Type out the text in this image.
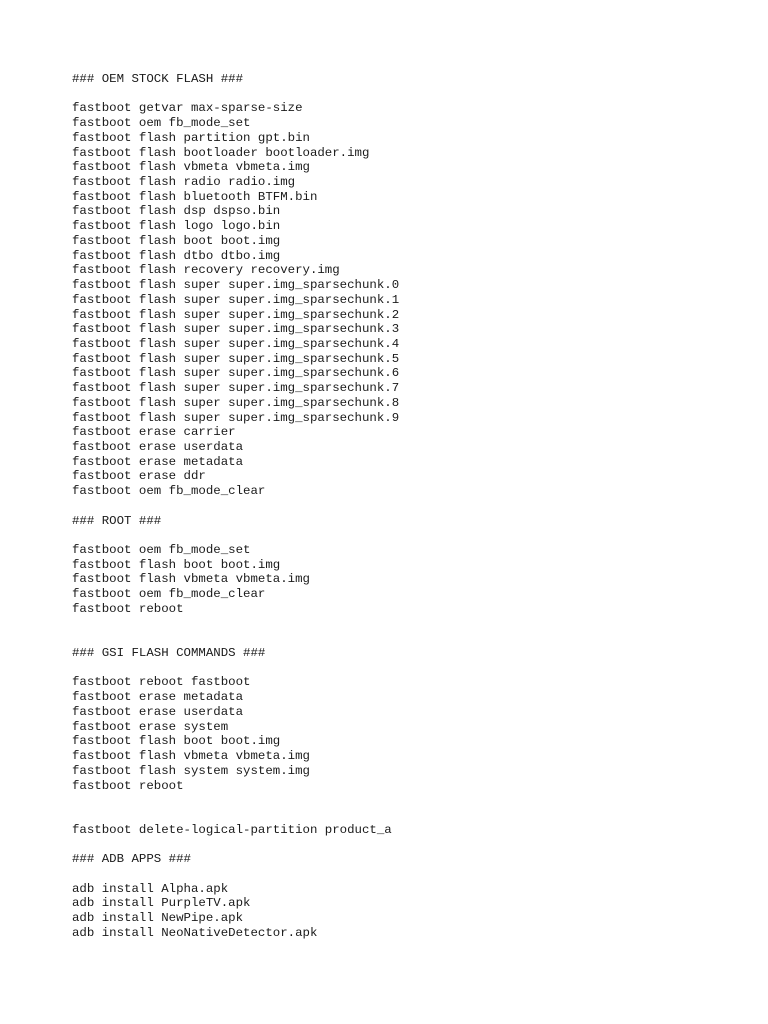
### OEM STOCK FLASH ###
fastboot getvar max-sparse-size
fastboot oem fb_mode_set
fastboot flash partition gpt.bin
fastboot flash bootloader bootloader.img
fastboot flash vbmeta vbmeta.img
fastboot flash radio radio.img
fastboot flash bluetooth BTFM.bin
fastboot flash dsp dspso.bin
fastboot flash logo logo.bin
fastboot flash boot boot.img
fastboot flash dtbo dtbo.img
fastboot flash recovery recovery.img
fastboot flash super super.img_sparsechunk.0
fastboot flash super super.img_sparsechunk.1
fastboot flash super super.img_sparsechunk.2
fastboot flash super super.img_sparsechunk.3
fastboot flash super super.img_sparsechunk.4
fastboot flash super super.img_sparsechunk.5
fastboot flash super super.img_sparsechunk.6
fastboot flash super super.img_sparsechunk.7
fastboot flash super super.img_sparsechunk.8
fastboot flash super super.img_sparsechunk.9
fastboot erase carrier
fastboot erase userdata
fastboot erase metadata
fastboot erase ddr
fastboot oem fb_mode_clear
### ROOT ###
fastboot oem fb_mode_set
fastboot flash boot boot.img
fastboot flash vbmeta vbmeta.img
fastboot oem fb_mode_clear
fastboot reboot
### GSI FLASH COMMANDS ###
fastboot reboot fastboot
fastboot erase metadata
fastboot erase userdata
fastboot erase system
fastboot flash boot boot.img
fastboot flash vbmeta vbmeta.img
fastboot flash system system.img
fastboot reboot
fastboot delete-logical-partition product_a
### ADB APPS ###
adb install Alpha.apk
adb install PurpleTV.apk
adb install NewPipe.apk
adb install NeoNativeDetector.apk
